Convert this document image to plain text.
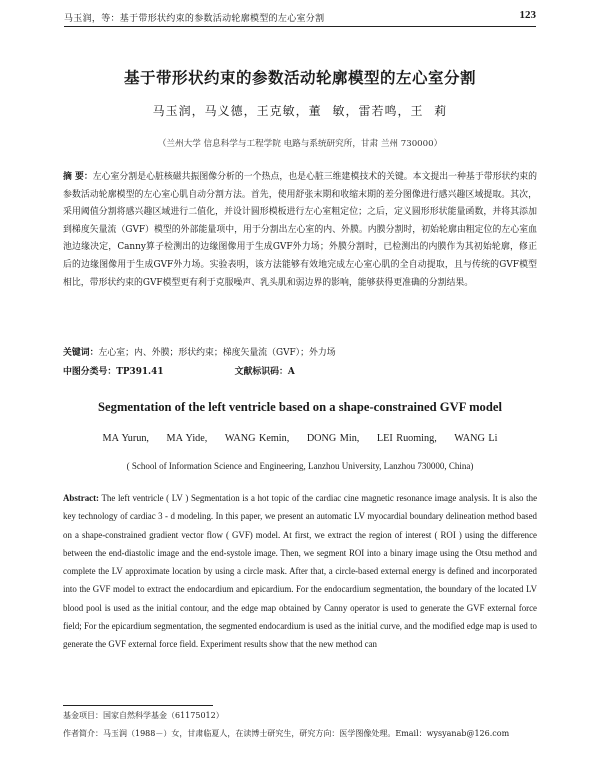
马玉润，等：基于带形状约束的参数活动轮廓模型的左心室分割	123
基于带形状约束的参数活动轮廓模型的左心室分割
马玉润，马义德，王克敏，董 敏，雷若鸣，王 莉
（兰州大学 信息科学与工程学院 电路与系统研究所，甘肃 兰州 730000）
摘 要：左心室分割是心脏核磁共振图像分析的一个热点，也是心脏三维建模技术的关键。本文提出一种基于带形状约束的参数活动轮廓模型的左心室心肌自动分割方法。首先，使用舒张末期和收缩末期的差分图像进行感兴趣区域提取。其次，采用阈值分割将感兴趣区域进行二值化，并设计圆形模板进行左心室粗定位；之后，定义圆形形状能量函数，并将其添加到梯度矢量流（GVF）模型的外部能量项中，用于分割出左心室的内、外膜。内膜分割时，初始轮廓由粗定位的左心室血池边缘决定，Canny算子检测出的边缘图像用于生成GVF外力场；外膜分割时，已检测出的内膜作为其初始轮廓，修正后的边缘图像用于生成GVF外力场。实验表明，该方法能够有效地完成左心室心肌的全自动提取，且与传统的GVF模型相比，带形状约束的GVF模型更有利于克服噪声、乳头肌和弱边界的影响，能够获得更准确的分割结果。
关键词：左心室；内、外膜；形状约束；梯度矢量流（GVF）；外力场
中图分类号：TP391.41	文献标识码：A
Segmentation of the left ventricle based on a shape-constrained GVF model
MA Yurun, MA Yide, WANG Kemin, DONG Min, LEI Ruoming, WANG Li
( School of Information Science and Engineering, Lanzhou University, Lanzhou 730000, China)
Abstract: The left ventricle ( LV ) Segmentation is a hot topic of the cardiac cine magnetic resonance image analysis. It is also the key technology of cardiac 3 - d modeling. In this paper, we present an automatic LV myocardial boundary delineation method based on a shape-constrained gradient vector flow ( GVF) model. At first, we extract the region of interest ( ROI ) using the difference between the end-diastolic image and the end-systole image. Then, we segment ROI into a binary image using the Otsu method and complete the LV approximate location by using a circle mask. After that, a circle-based external energy is defined and incorporated into the GVF model to extract the endocardium and epicardium. For the endocardium segmentation, the boundary of the located LV blood pool is used as the initial contour, and the edge map obtained by Canny operator is used to generate the GVF external force field; For the epicardium segmentation, the segmented endocardium is used as the initial curve, and the modified edge map is used to generate the GVF external force field. Experiment results show that the new method can
基金项目：国家自然科学基金（61175012）
作者简介：马玉润（1988－）女，甘肃临夏人，在读博士研究生，研究方向：医学图像处理。Email：wysyanab@126.com
